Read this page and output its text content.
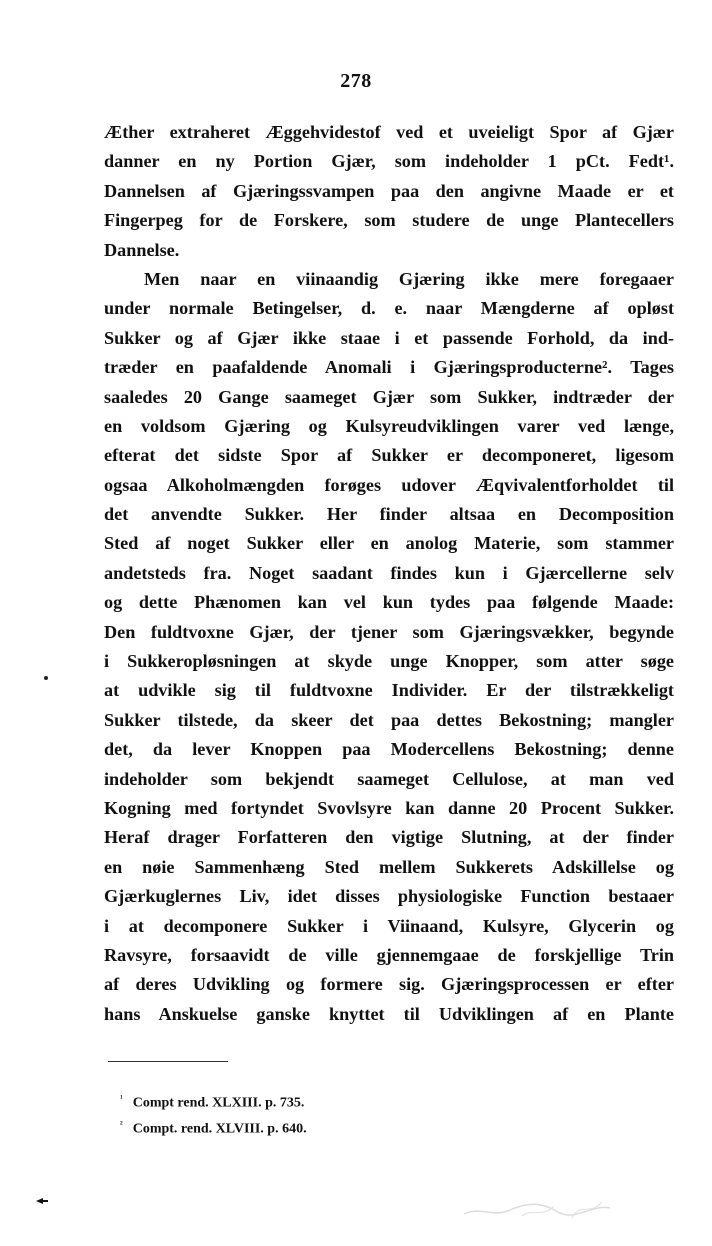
278
Æther extraheret Æggehvidestof ved et uveieligt Spor af Gjær
danner en ny Portion Gjær, som indeholder 1 pCt. Fedt¹.
Dannelsen af Gjæringssvampen paa den angivne Maade er et
Fingerpeg for de Forskere, som studere de unge Plantecellers
Dannelse.
Men naar en viinaandig Gjæring ikke mere foregaaer
under normale Betingelser, d. e. naar Mængderne af opløst
Sukker og af Gjær ikke staae i et passende Forhold, da ind-
træder en paafaldende Anomali i Gjæringsproducterne². Tages
saaledes 20 Gange saameget Gjær som Sukker, indtræder der
en voldsom Gjæring og Kulsyreudviklingen varer ved længe,
efterat det sidste Spor af Sukker er decomponeret, ligesom
ogsaa Alkoholmængden forøges udover Æqvivalentforholdet til
det anvendte Sukker. Her finder altsaa en Decomposition
Sted af noget Sukker eller en anolog Materie, som stammer
andetsteds fra. Noget saadant findes kun i Gjærcellerne selv
og dette Phænomen kan vel kun tydes paa følgende Maade:
Den fuldtvoxne Gjær, der tjener som Gjæringsvækker, begynde
i Sukkeropløsningen at skyde unge Knopper, som atter søge
at udvikle sig til fuldtvoxne Individer. Er der tilstrækkeligt
Sukker tilstede, da skeer det paa dettes Bekostning; mangler
det, da lever Knoppen paa Modercellens Bekostning; denne
indeholder som bekjendt saameget Cellulose, at man ved
Kogning med fortyndet Svovlsyre kan danne 20 Procent Sukker.
Heraf drager Forfatteren den vigtige Slutning, at der finder
en nøie Sammenhæng Sted mellem Sukkerets Adskillelse og
Gjærkuglernes Liv, idet disses physiologiske Function bestaaer
i at decomponere Sukker i Viinaand, Kulsyre, Glycerin og
Ravsyre, forsaavidt de ville gjennemgaae de forskjellige Trin
af deres Udvikling og formere sig. Gjæringsprocessen er efter
hans Anskuelse ganske knyttet til Udviklingen af en Plante
$^{^1}$ Compt rend. XLXIII. p. 735.
$^{^2}$ Compt. rend. XLVIII. p. 640.
